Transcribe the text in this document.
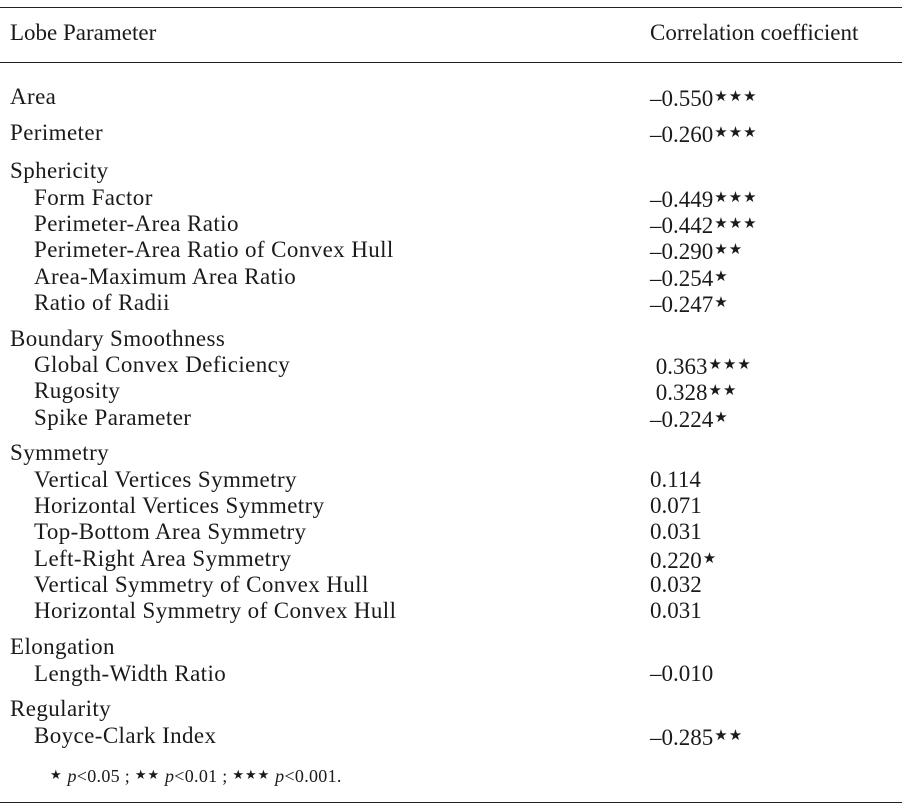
Lobe Parameter	Correlation coefficient
Area	–0.550★★★
Perimeter	–0.260★★★
Sphericity
Form Factor	–0.449★★★
Perimeter-Area Ratio	–0.442★★★
Perimeter-Area Ratio of Convex Hull	–0.290★★
Area-Maximum Area Ratio	–0.254★
Ratio of Radii	–0.247★
Boundary Smoothness
Global Convex Deficiency	0.363★★★
Rugosity	0.328★★
Spike Parameter	–0.224★
Symmetry
Vertical Vertices Symmetry	0.114
Horizontal Vertices Symmetry	0.071
Top-Bottom Area Symmetry	0.031
Left-Right Area Symmetry	0.220★
Vertical Symmetry of Convex Hull	0.032
Horizontal Symmetry of Convex Hull	0.031
Elongation
Length-Width Ratio	–0.010
Regularity
Boyce-Clark Index	–0.285★★
★ p<0.05 ; ★★ p<0.01 ; ★★★ p<0.001.
